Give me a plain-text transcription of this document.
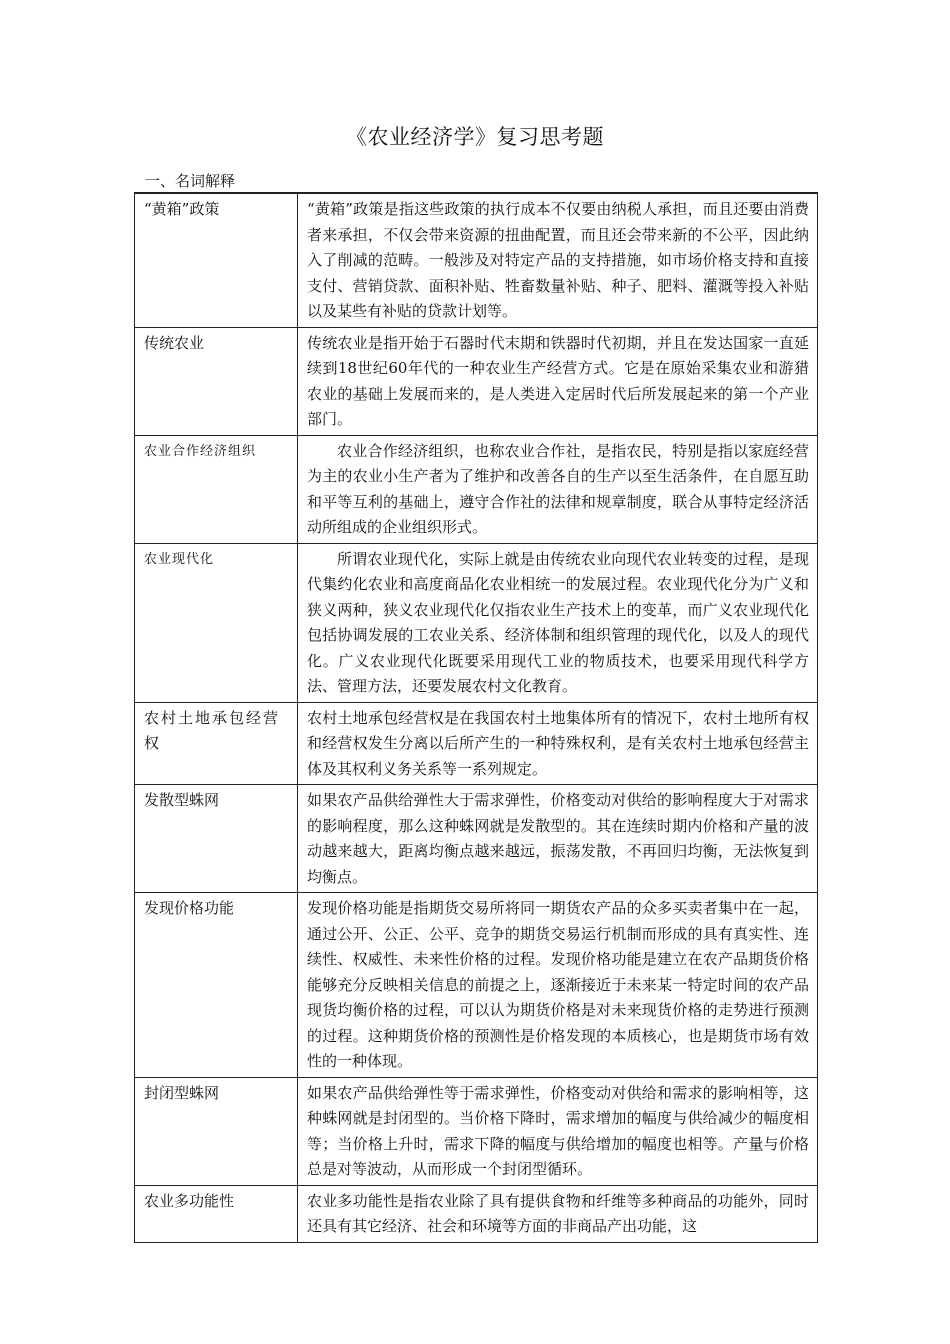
《农业经济学》复习思考题
一、名词解释
“黄箱”政策	“黄箱”政策是指这些政策的执行成本不仅要由纳税人承担，而且还要由消费者来承担，不仅会带来资源的扭曲配置，而且还会带来新的不公平，因此纳入了削减的范畴。一般涉及对特定产品的支持措施，如市场价格支持和直接支付、营销贷款、面积补贴、牲畜数量补贴、种子、肥料、灌溉等投入补贴以及某些有补贴的贷款计划等。
传统农业	传统农业是指开始于石器时代末期和铁器时代初期，并且在发达国家一直延续到18世纪60年代的一种农业生产经营方式。它是在原始采集农业和游猎农业的基础上发展而来的，是人类进入定居时代后所发展起来的第一个产业部门。
农业合作经济组织	农业合作经济组织，也称农业合作社，是指农民，特别是指以家庭经营为主的农业小生产者为了维护和改善各自的生产以至生活条件，在自愿互助和平等互利的基础上，遵守合作社的法律和规章制度，联合从事特定经济活动所组成的企业组织形式。
农业现代化	所谓农业现代化，实际上就是由传统农业向现代农业转变的过程，是现代集约化农业和高度商品化农业相统一的发展过程。农业现代化分为广义和狭义两种，狭义农业现代化仅指农业生产技术上的变革，而广义农业现代化包括协调发展的工农业关系、经济体制和组织管理的现代化，以及人的现代化。广义农业现代化既要采用现代工业的物质技术，也要采用现代科学方法、管理方法，还要发展农村文化教育。
农村土地承包经营权	农村土地承包经营权是在我国农村土地集体所有的情况下，农村土地所有权和经营权发生分离以后所产生的一种特殊权利，是有关农村土地承包经营主体及其权利义务关系等一系列规定。
发散型蛛网	如果农产品供给弹性大于需求弹性，价格变动对供给的影响程度大于对需求的影响程度，那么这种蛛网就是发散型的。其在连续时期内价格和产量的波动越来越大，距离均衡点越来越远，振荡发散，不再回归均衡，无法恢复到均衡点。
发现价格功能	发现价格功能是指期货交易所将同一期货农产品的众多买卖者集中在一起，通过公开、公正、公平、竞争的期货交易运行机制而形成的具有真实性、连续性、权威性、未来性价格的过程。发现价格功能是建立在农产品期货价格能够充分反映相关信息的前提之上，逐渐接近于未来某一特定时间的农产品现货均衡价格的过程，可以认为期货价格是对未来现货价格的走势进行预测的过程。这种期货价格的预测性是价格发现的本质核心，也是期货市场有效性的一种体现。
封闭型蛛网	如果农产品供给弹性等于需求弹性，价格变动对供给和需求的影响相等，这种蛛网就是封闭型的。当价格下降时，需求增加的幅度与供给减少的幅度相等；当价格上升时，需求下降的幅度与供给增加的幅度也相等。产量与价格总是对等波动，从而形成一个封闭型循环。
农业多功能性	农业多功能性是指农业除了具有提供食物和纤维等多种商品的功能外，同时还具有其它经济、社会和环境等方面的非商品产出功能，这
